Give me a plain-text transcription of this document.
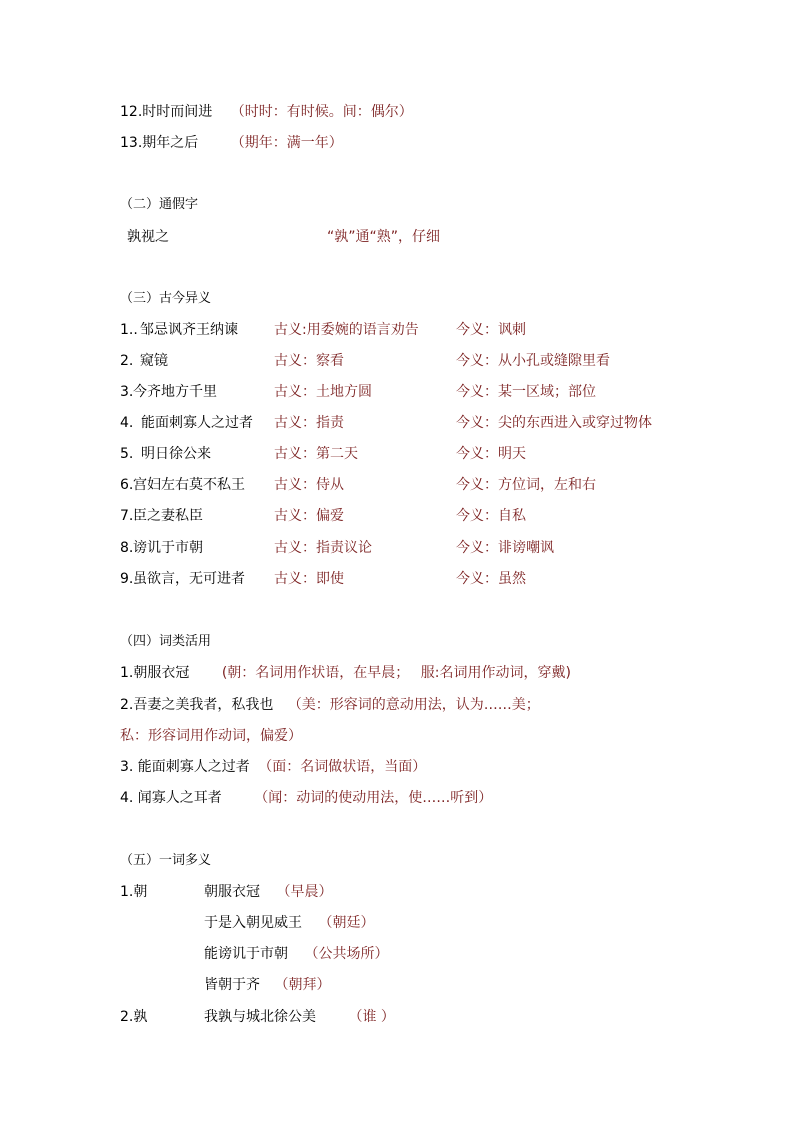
12.时时而间进 （时时：有时候。间：偶尔）
13.期年之后 （期年：满一年）
（二）通假字
孰视之	“孰”通“熟”，仔细
（三）古今异义
1.. 邹忌讽齐王纳谏	古义:用委婉的语言劝告	今义：讽刺
2. 窥镜	古义：察看	今义：从小孔或缝隙里看
3. 今齐地方千里	古义：土地方圆	今义：某一区域；部位
4. 能面刺寡人之过者 古义：指责	今义：尖的东西进入或穿过物体
5. 明日徐公来	古义：第二天	今义：明天
6. 宫妇左右莫不私王 古义：侍从	今义：方位词，左和右
7. 臣之妻私臣	古义：偏爱	今义：自私
8. 谤讥于市朝	古义：指责议论	今义：诽谤嘲讽
9. 虽欲言，无可进者 古义：即使	今义：虽然
（四）词类活用
1.朝服衣冠 (朝：名词用作状语，在早晨；　 服:名词用作动词，穿戴)
2.吾妻之美我者，私我也 （美：形容词的意动用法，认为……美；
私：形容词用作动词，偏爱）
3. 能面刺寡人之过者 （面：名词做状语，当面）
4. 闻寡人之耳者 （闻：动词的使动用法，使……听到）
（五）一词多义
1.朝	朝服衣冠 （早晨）
于是入朝见威王 （朝廷）
能谤讥于市朝 （公共场所）
皆朝于齐 （朝拜）
2.孰	我孰与城北徐公美 （谁 ）
